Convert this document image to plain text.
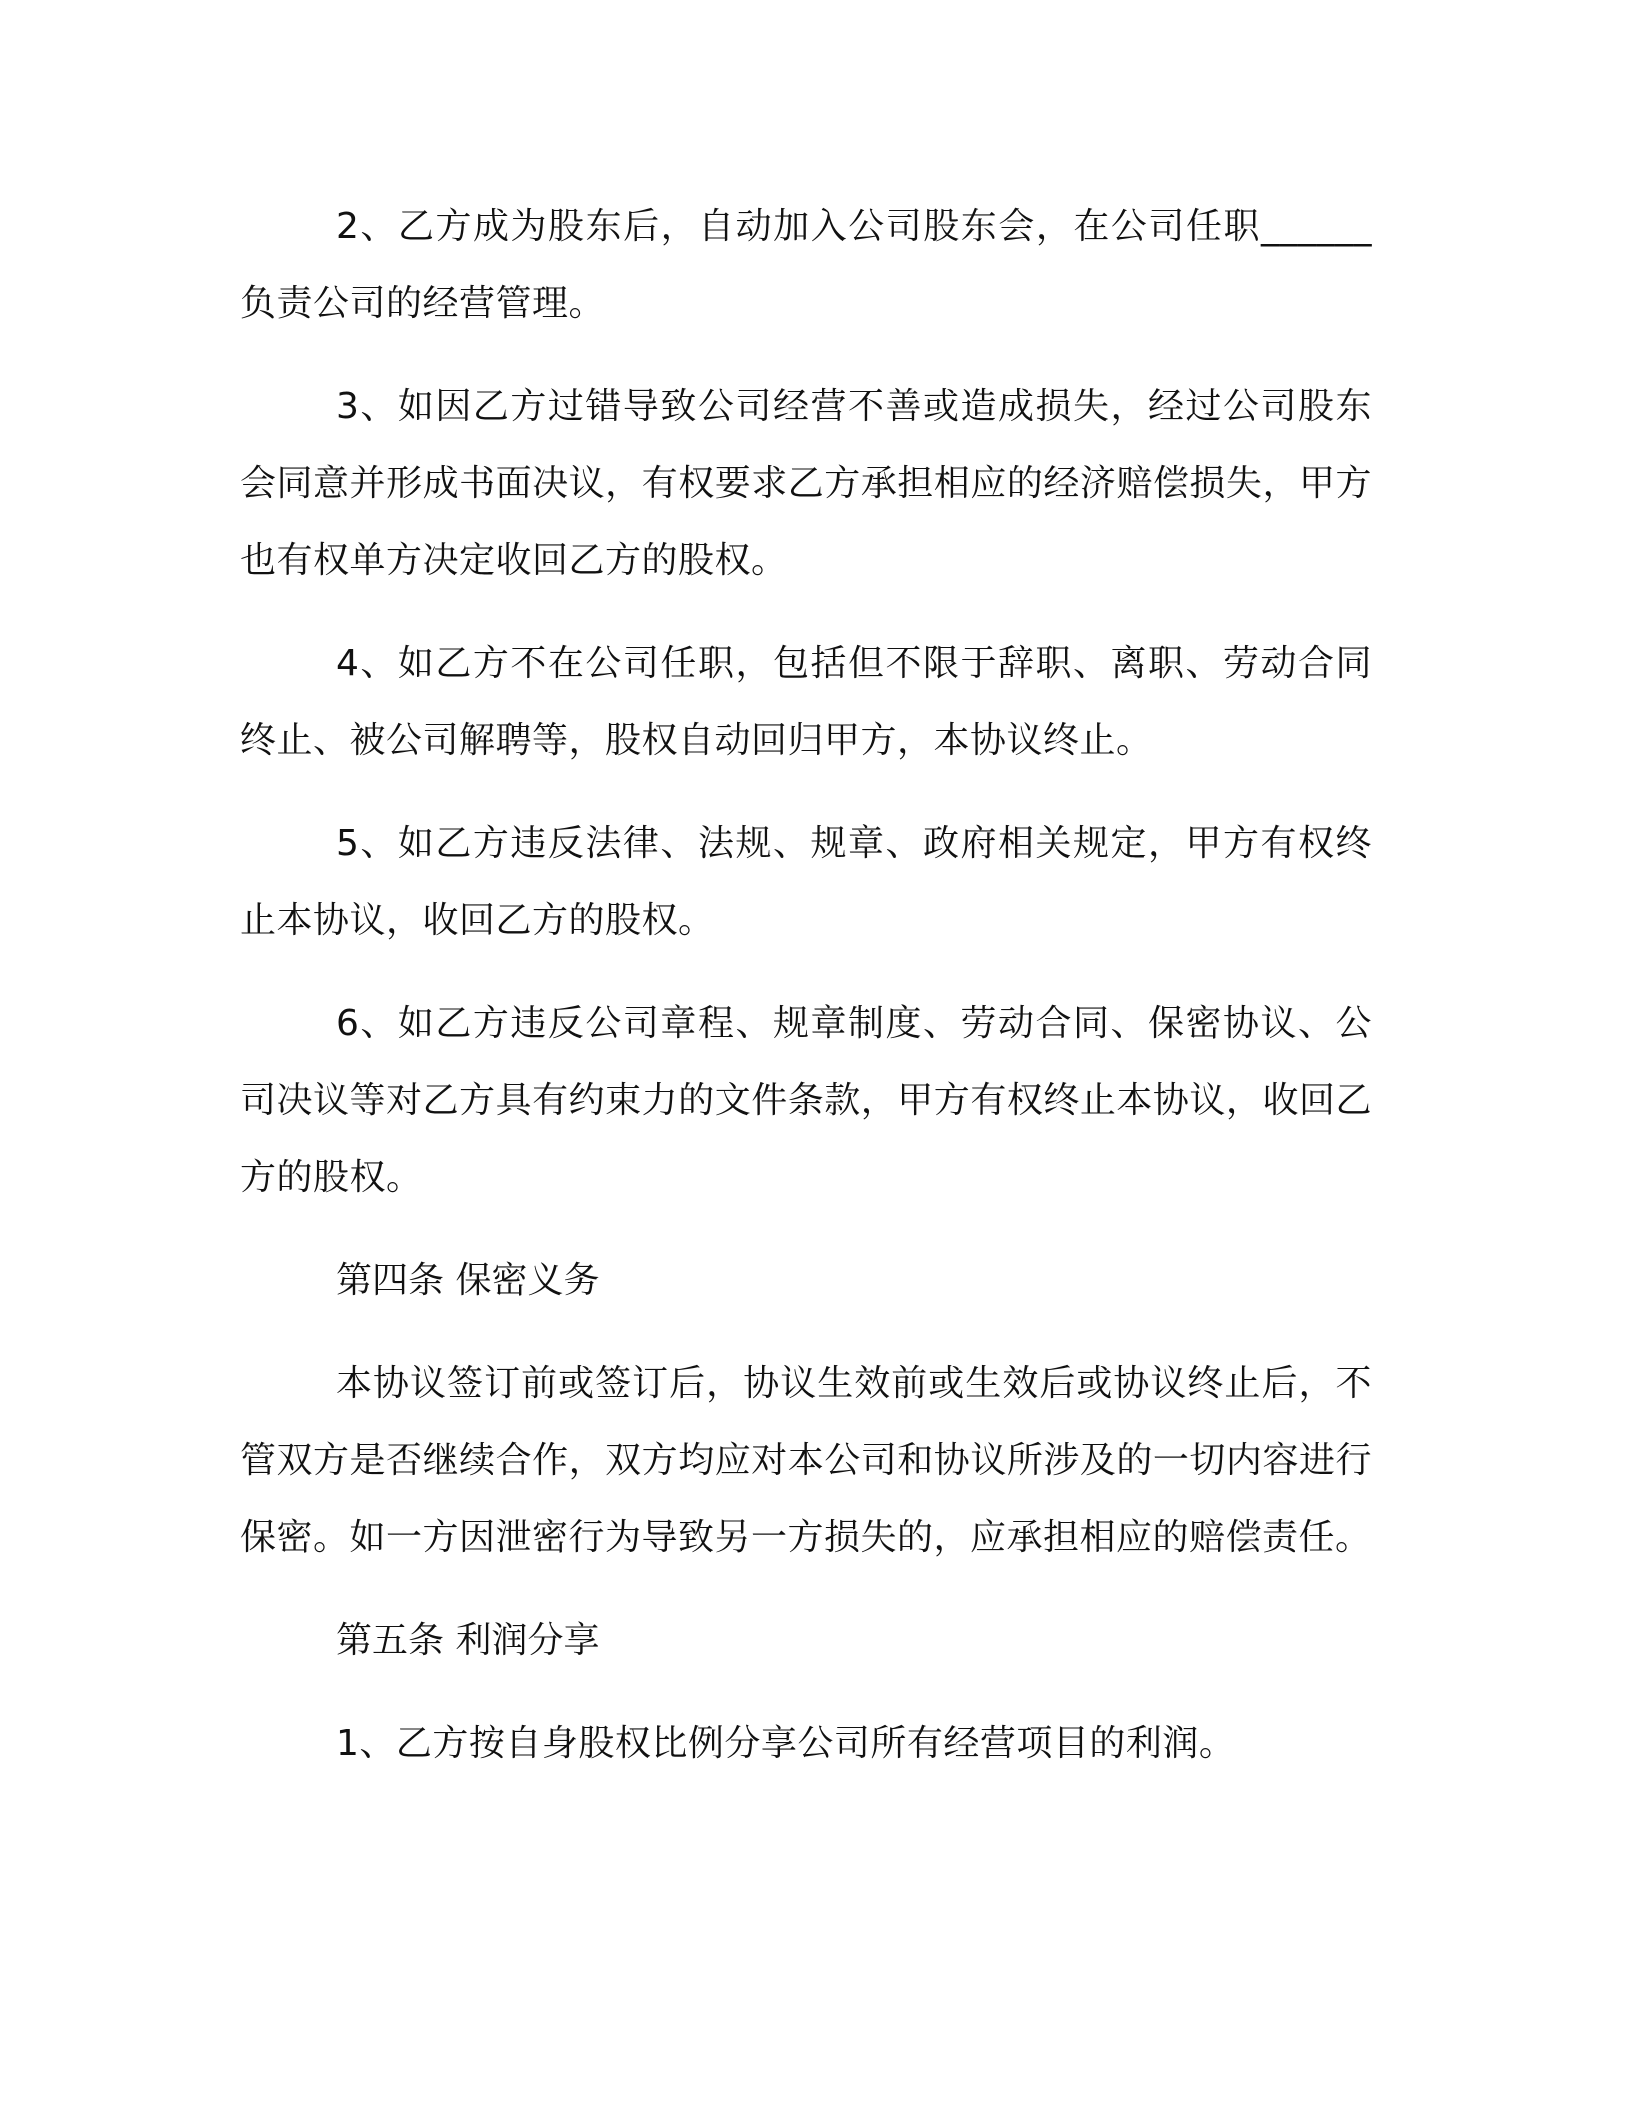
2、乙方成为股东后，自动加入公司股东会，在公司任职______负责公司的经营管理。

3、如因乙方过错导致公司经营不善或造成损失，经过公司股东会同意并形成书面决议，有权要求乙方承担相应的经济赔偿损失，甲方也有权单方决定收回乙方的股权。

4、如乙方不在公司任职，包括但不限于辞职、离职、劳动合同终止、被公司解聘等，股权自动回归甲方，本协议终止。

5、如乙方违反法律、法规、规章、政府相关规定，甲方有权终止本协议，收回乙方的股权。

6、如乙方违反公司章程、规章制度、劳动合同、保密协议、公司决议等对乙方具有约束力的文件条款，甲方有权终止本协议，收回乙方的股权。

第四条 保密义务

本协议签订前或签订后，协议生效前或生效后或协议终止后，不管双方是否继续合作，双方均应对本公司和协议所涉及的一切内容进行保密。如一方因泄密行为导致另一方损失的，应承担相应的赔偿责任。

第五条 利润分享

1、乙方按自身股权比例分享公司所有经营项目的利润。
